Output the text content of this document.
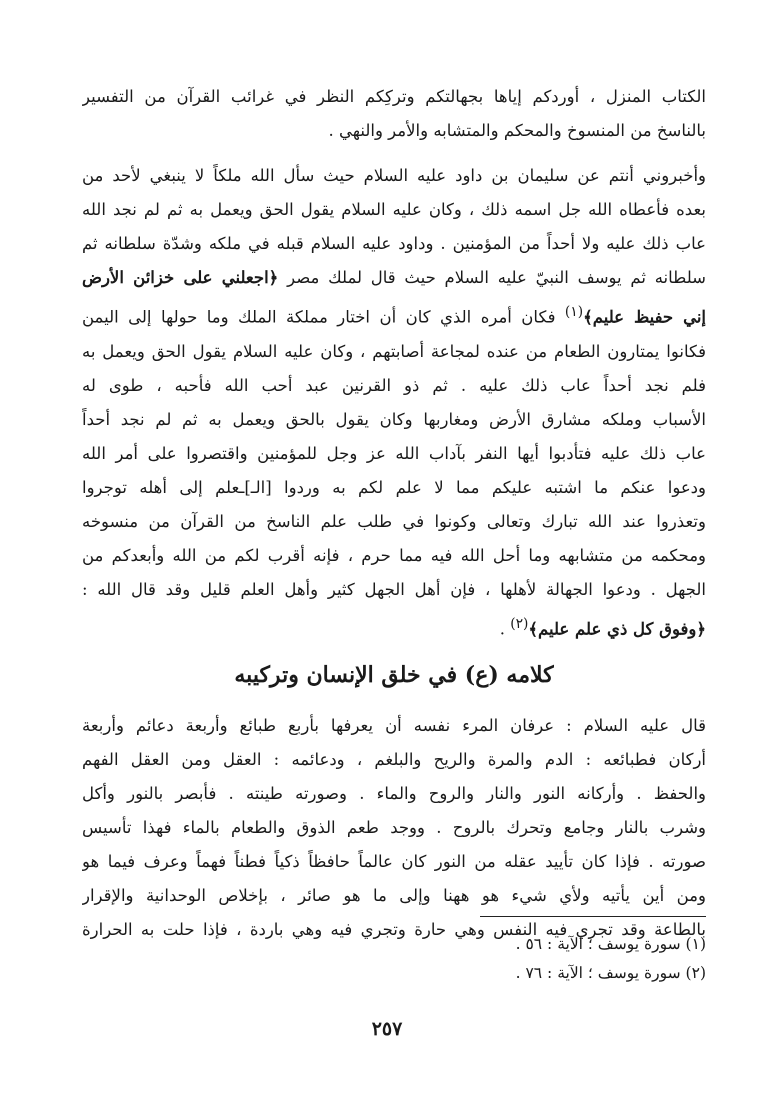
الكتاب المنزل ، أوردكم إياها بجهالتكم وتركِكم النظر في غرائب القرآن من التفسير
بالناسخ من المنسوخ والمحكم والمتشابه والأمر والنهي .

وأخبروني أنتم عن سليمان بن داود عليه السلام حيث سأل الله ملكاً لا ينبغي لأحد من
بعده فأعطاه الله جل اسمه ذلك ، وكان عليه السلام يقول الحق ويعمل به ثم لم نجد الله
عاب ذلك عليه ولا أحداً من المؤمنين . وداود عليه السلام قبله في ملكه وشدّة سلطانه ثم
سلطانه ثم يوسف النبيّ عليه السلام حيث قال لملك مصر ﴿اجعلني على خزائن الأرض
إني حفيظ عليم﴾$^{(١)}$ فكان أمره الذي كان أن اختار مملكة الملك وما حولها إلى اليمن
فكانوا يمتارون الطعام من عنده لمجاعة أصابتهم ، وكان عليه السلام يقول الحق ويعمل به
فلم نجد أحداً عاب ذلك عليه . ثم ذو القرنين عبد أحب الله فأحبه ، طوى له
الأسباب وملكه مشارق الأرض ومغاربها وكان يقول بالحق ويعمل به ثم لم نجد أحداً
عاب ذلك عليه فتأدبوا أيها النفر بآداب الله عز وجل للمؤمنين واقتصروا على أمر الله
ودعوا عنكم ما اشتبه عليكم مما لا علم لكم به وردوا [الـ]ـعلم إلى أهله توجروا
وتعذروا عند الله تبارك وتعالى وكونوا في طلب علم الناسخ من القرآن من منسوخه
ومحكمه من متشابهه وما أحل الله فيه مما حرم ، فإنه أقرب لكم من الله وأبعدكم من
الجهل . ودعوا الجهالة لأهلها ، فإن أهل الجهل كثير وأهل العلم قليل وقد قال الله :
﴿وفوق كل ذي علم عليم﴾$^{(٢)}$ .

كلامه (ع) في خلق الإنسان وتركيبه

قال عليه السلام : عرفان المرء نفسه أن يعرفها بأربع طبائع وأربعة دعائم وأربعة
أركان فطبائعه : الدم والمرة والريح والبلغم ، ودعائمه : العقل ومن العقل الفهم
والحفظ . وأركانه النور والنار والروح والماء . وصورته طينته . فأبصر بالنور وأكل
وشرب بالنار وجامع وتحرك بالروح . ووجد طعم الذوق والطعام بالماء فهذا تأسيس
صورته . فإذا كان تأييد عقله من النور كان عالماً حافظاً ذكياً فطناً فهماً وعرف فيما هو
ومن أين يأتيه ولأي شيء هو ههنا وإلى ما هو صائر ، بإخلاص الوحدانية والإقرار
بالطاعة وقد تجري فيه النفس وهي حارة وتجري فيه وهي باردة ، فإذا حلت به الحرارة

(١) سورة يوسف ؛ الآية : ٥٦ .
(٢) سورة يوسف ؛ الآية : ٧٦ .
٢٥٧
